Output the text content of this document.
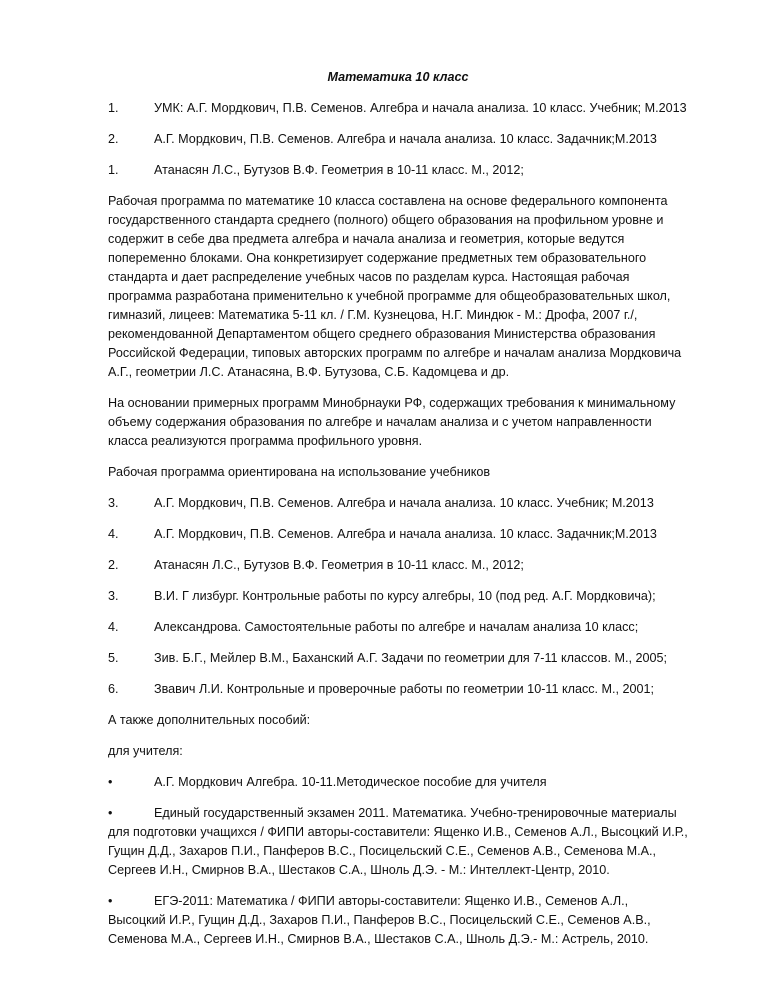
Математика 10 класс
1.	УМК: А.Г. Мордкович, П.В. Семенов. Алгебра и начала анализа. 10 класс. Учебник; М.2013
2.	А.Г. Мордкович, П.В. Семенов. Алгебра и начала анализа. 10 класс. Задачник;М.2013
1.	Атанасян Л.С., Бутузов В.Ф. Геометрия в 10-11 класс. М., 2012;

Рабочая программа по математике 10 класса составлена на основе федерального компонента государственного стандарта среднего (полного) общего образования на профильном уровне и содержит в себе два предмета алгебра и начала анализа и геометрия, которые ведутся попеременно блоками. Она конкретизирует содержание предметных тем образовательного стандарта и дает распределение учебных часов по разделам курса. Настоящая рабочая программа разработана применительно к учебной программе для общеобразовательных школ, гимназий, лицеев: Математика 5-11 кл. / Г.М. Кузнецова, Н.Г. Миндюк - М.: Дрофа, 2007 г./, рекомендованной Департаментом общего среднего образования Министерства образования Российской Федерации, типовых авторских программ по алгебре и началам анализа Мордковича А.Г., геометрии Л.С. Атанасяна, В.Ф. Бутузова, С.Б. Кадомцева и др.

На основании примерных программ Минобрнауки РФ, содержащих требования к минимальному объему содержания образования по алгебре и началам анализа и с учетом направленности класса реализуются программа профильного уровня.

Рабочая программа ориентирована на использование учебников

3.	А.Г. Мордкович, П.В. Семенов. Алгебра и начала анализа. 10 класс. Учебник; М.2013
4.	А.Г. Мордкович, П.В. Семенов. Алгебра и начала анализа. 10 класс. Задачник;М.2013
2.	Атанасян Л.С., Бутузов В.Ф. Геометрия в 10-11 класс. М., 2012;
3.	В.И. Г лизбург. Контрольные работы по курсу алгебры, 10 (под ред. А.Г. Мордковича);
4.	Александрова. Самостоятельные работы по алгебре и началам анализа 10 класс;
5.	Зив. Б.Г., Мейлер В.М., Баханский А.Г. Задачи по геометрии для 7-11 классов. М., 2005;
6.	Звавич Л.И. Контрольные и проверочные работы по геометрии 10-11 класс. М., 2001;

А также дополнительных пособий:

для учителя:

•	А.Г. Мордкович Алгебра. 10-11.Методическое пособие для учителя

•	Единый государственный экзамен 2011. Математика. Учебно-тренировочные материалы для подготовки учащихся / ФИПИ авторы-составители: Ященко И.В., Семенов А.Л., Высоцкий И.Р., Гущин Д.Д., Захаров П.И., Панферов В.С., Посицельский С.Е., Семенов А.В., Семенова М.А., Сергеев И.Н., Смирнов В.А., Шестаков С.А., Шноль Д.Э. - М.: Интеллект-Центр, 2010.

•	ЕГЭ-2011: Математика / ФИПИ авторы-составители: Ященко И.В., Семенов А.Л., Высоцкий И.Р., Гущин Д.Д., Захаров П.И., Панферов В.С., Посицельский С.Е., Семенов А.В., Семенова М.А., Сергеев И.Н., Смирнов В.А., Шестаков С.А., Шноль Д.Э.- М.: Астрель, 2010.
